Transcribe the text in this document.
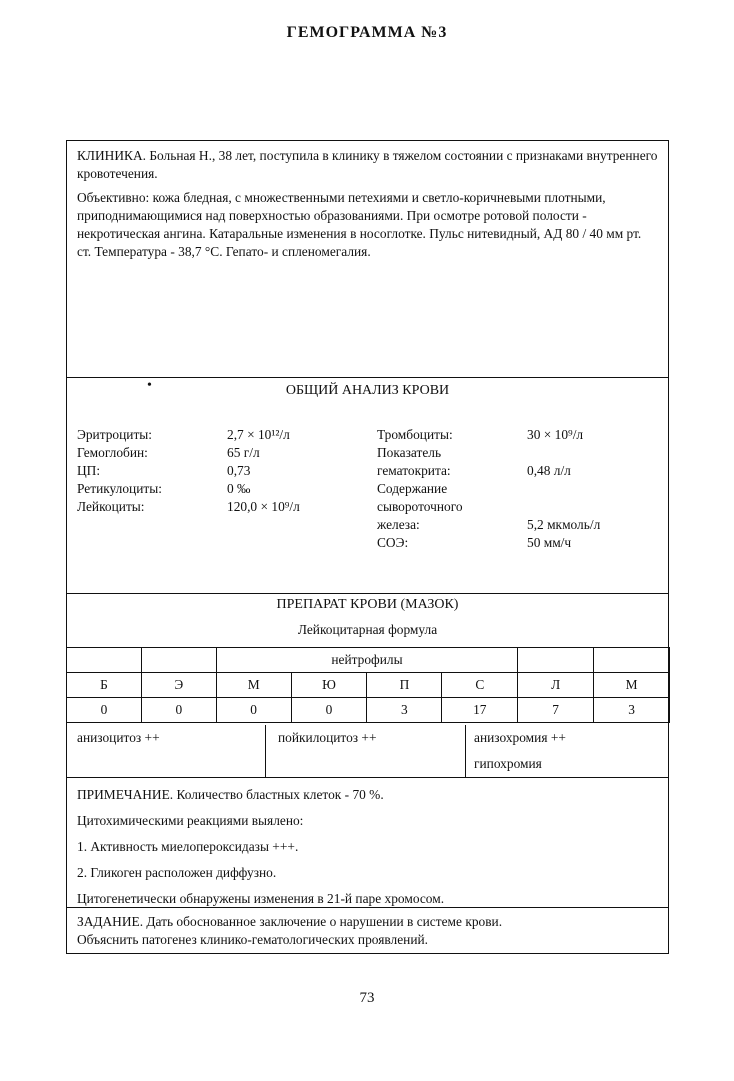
ГЕМОГРАММА №3

КЛИНИКА. Больная Н., 38 лет, поступила в клинику в тяжелом состоянии с признаками внутреннего кровотечения.

Объективно: кожа бледная, с множественными петехиями и светло-коричневыми плотными, приподнимающимися над поверхностью образованиями. При осмотре ротовой полости - некротическая ангина. Катаральные изменения в носоглотке. Пульс нитевидный, АД 80 / 40 мм рт. ст. Температура - 38,7 °С. Гепато- и спленомегалия.

•	ОБЩИЙ АНАЛИЗ КРОВИ
Эритроциты:	2,7 × 10¹²/л
Гемоглобин:	65 г/л
ЦП:	0,73
Ретикулоциты:	0 ‰
Лейкоциты:	120,0 × 10⁹/л
Тромбоциты:	30 × 10⁹/л
Показатель
гематокрита:	0,48 л/л
Содержание
сывороточного
железа:	5,2 мкмоль/л
СОЭ:	50 мм/ч
ПРЕПАРАТ КРОВИ (МАЗОК)
Лейкоцитарная формула
		нейтрофилы					
Б	Э	М	Ю	П	С	Л	М
0	0	0	0	3	17	7	3
анизоцитоз ++	пойкилоцитоз ++	анизохромия ++
гипохромия
ПРИМЕЧАНИЕ. Количество бластных клеток - 70 %.
Цитохимическими реакциями выялено:
1. Активность миелопероксидазы +++.
2. Гликоген расположен диффузно.
Цитогенетически обнаружены изменения в 21-й паре хромосом.

ЗАДАНИЕ. Дать обоснованное заключение о нарушении в системе крови.

Объяснить патогенез клинико-гематологических проявлений.

73
